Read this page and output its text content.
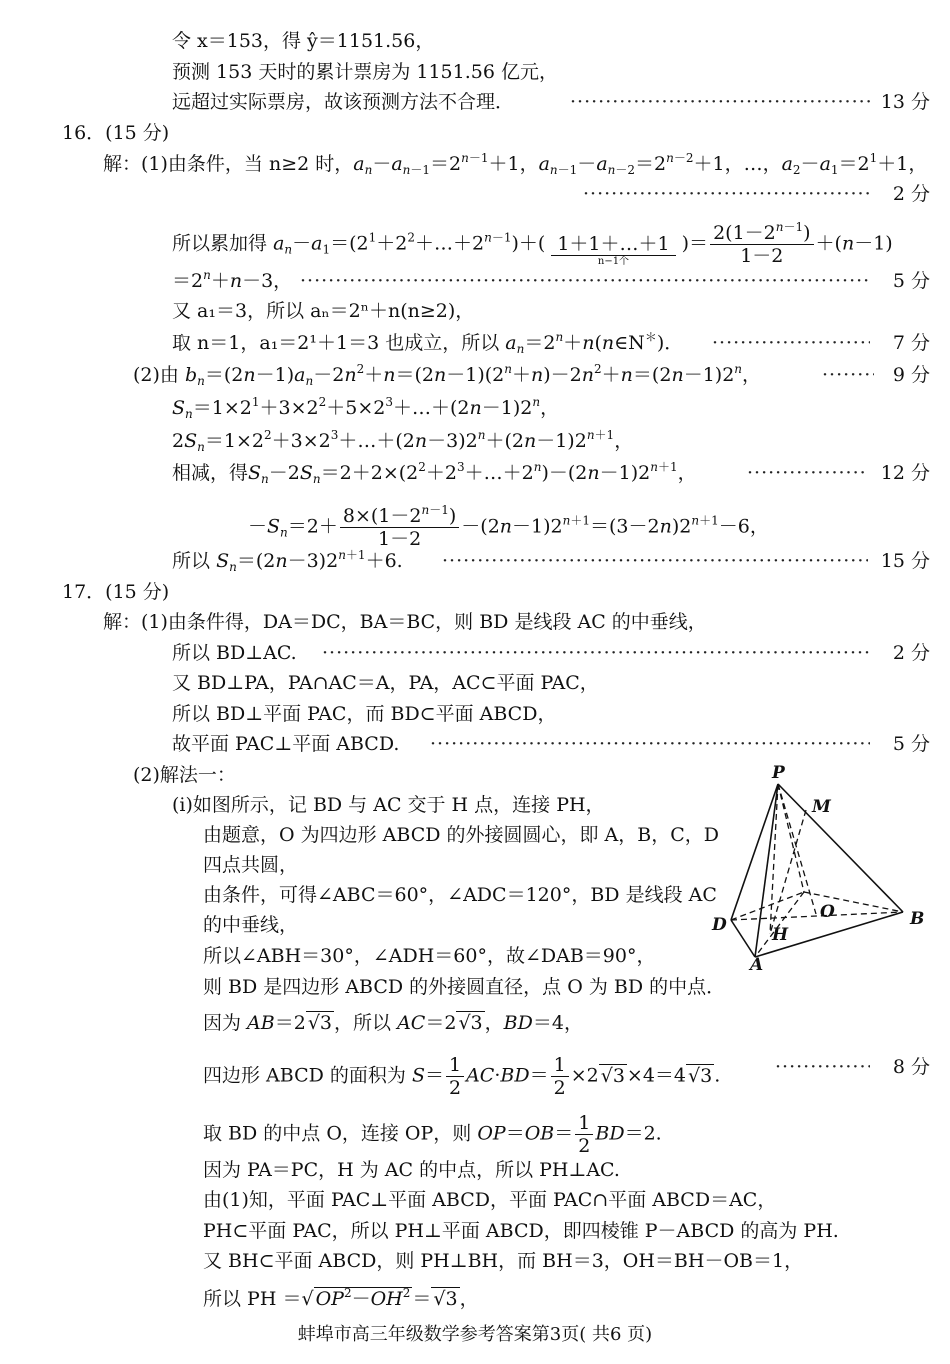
令 x＝153，得 ŷ＝1151.56，
预测 153 天时的累计票房为 1151.56 亿元，
远超过实际票房，故该预测方法不合理． ·····	13 分
16．(15 分)
解：(1)由条件，当 n≥2 时，$a_n-a_{n-1}=2^{n-1}+1$，$a_{n-1}-a_{n-2}=2^{n-2}+1$，…，$a_2-a_1=2^1+1$，
·····
2 分
所以累加得 $a_n-a_1=(2^1+2^2+\dots+2^{n-1})+$( 1＋1＋…＋1
n−1个
)＝ $\frac{2(1-2^{n-1})}{1-2} +(n-1)$
$=2^n+n-3$， ·····	5 分
又 a₁＝3，所以 aₙ＝2ⁿ＋n(n≥2)，
取 n＝1，a₁＝2¹＋1＝3 也成立，所以 $a_n=2^n+n(n\in N^*)$． ·····	7 分
(2)由 $b_n=(2n-1)a_n-2n^2+n=(2n-1)(2^n+n)-2n^2+n=(2n-1)2^n$， ·····	9 分
$S_n=1\times 2^1+3\times 2^2+5\times 2^3+\dots+(2n-1)2^n$，
$2S_n=1\times 2^2+3\times 2^3+\dots+(2n-3)2^n+(2n-1)2^{n+1}$，
相减，得$S_n-2S_n=2+2\times(2^2+2^3+\dots+2^n)-(2n-1)2^{n+1}$， ·····	12 分
$-S_n=2+ \frac{8\times(1-2^{n-1})}{1-2} -(2n-1)2^{n+1}=(3-2n)2^{n+1}-6$，
所以 $S_n=(2n-3)2^{n+1}+6$. ·····	15 分
17．(15 分)
解：(1)由条件得，DA＝DC，BA＝BC，则 BD 是线段 AC 的中垂线，
所以 BD⊥AC. ·····	2 分
又 BD⊥PA，PA∩AC＝A，PA，AC⊂平面 PAC，
所以 BD⊥平面 PAC，而 BD⊂平面 ABCD，
故平面 PAC⊥平面 ABCD. ·····	5 分
(2)解法一：
(i)如图所示，记 BD 与 AC 交于 H 点，连接 PH，
由题意，O 为四边形 ABCD 的外接圆圆心，即 A，B，C，D
四点共圆，
由条件，可得∠ABC＝60°，∠ADC＝120°，BD 是线段 AC
的中垂线，
所以∠ABH＝30°，∠ADH＝60°，故∠DAB＝90°，
则 BD 是四边形 ABCD 的外接圆直径，点 O 为 BD 的中点．
因为 AB＝2 √3 ，所以 AC＝2 √3 ，BD＝4，
四边形 ABCD 的面积为 $S= \frac{1}{2} AC\cdot BD= \frac{1}{2} \times 2$ √3 ×4＝4 √3 . ·····	8 分
取 BD 的中点 O，连接 OP，则 $OP=OB= \frac{1}{2} BD=2$.
因为 PA＝PC，H 为 AC 的中点，所以 PH⊥AC.
由(1)知，平面 PAC⊥平面 ABCD，平面 PAC∩平面 ABCD＝AC，
PH⊂平面 PAC，所以 PH⊥平面 ABCD，即四棱锥 P－ABCD 的高为 PH.
又 BH⊂平面 ABCD，则 PH⊥BH，而 BH＝3，OH＝BH－OB＝1，
所以 PH ＝√ $OP^2-OH^2 = √3$ ，
P
M
D
O	B
H
A
蚌埠市高三年级数学参考答案第3页( 共6 页)
